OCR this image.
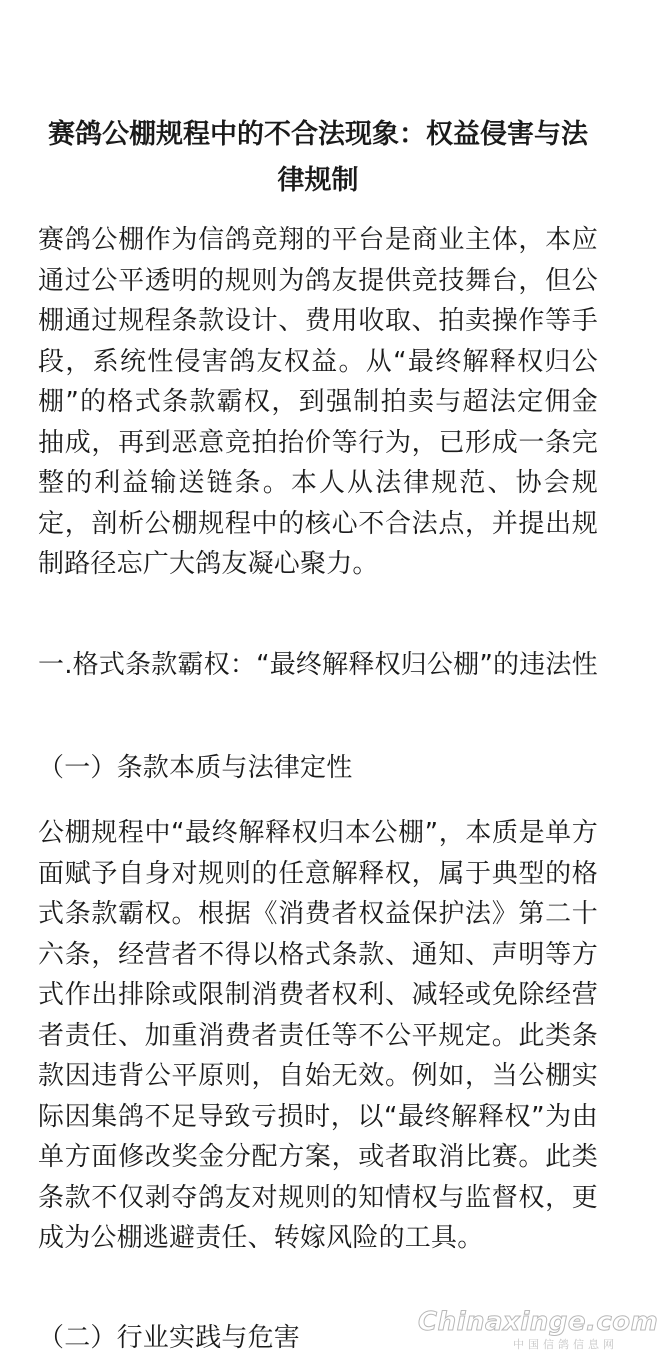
赛鸽公棚规程中的不合法现象：权益侵害与法律规制

赛鸽公棚作为信鸽竞翔的平台是商业主体，本应通过公平透明的规则为鸽友提供竞技舞台，但公棚通过规程条款设计、费用收取、拍卖操作等手段，系统性侵害鸽友权益。从“最终解释权归公棚”的格式条款霸权，到强制拍卖与超法定佣金抽成，再到恶意竞拍抬价等行为，已形成一条完整的利益输送链条。本人从法律规范、协会规定，剖析公棚规程中的核心不合法点，并提出规制路径忘广大鸽友凝心聚力。

一.格式条款霸权：“最终解释权归公棚”的违法性

（一）条款本质与法律定性

公棚规程中“最终解释权归本公棚”，本质是单方面赋予自身对规则的任意解释权，属于典型的格式条款霸权。根据《消费者权益保护法》第二十六条，经营者不得以格式条款、通知、声明等方式作出排除或限制消费者权利、减轻或免除经营者责任、加重消费者责任等不公平规定。此类条款因违背公平原则，自始无效。例如，当公棚实际因集鸽不足导致亏损时，以“最终解释权”为由单方面修改奖金分配方案，或者取消比赛。此类条款不仅剥夺鸽友对规则的知情权与监督权，更成为公棚逃避责任、转嫁风险的工具。

（二）行业实践与危害

Chinaxinge.com
中国信鸽信息网
